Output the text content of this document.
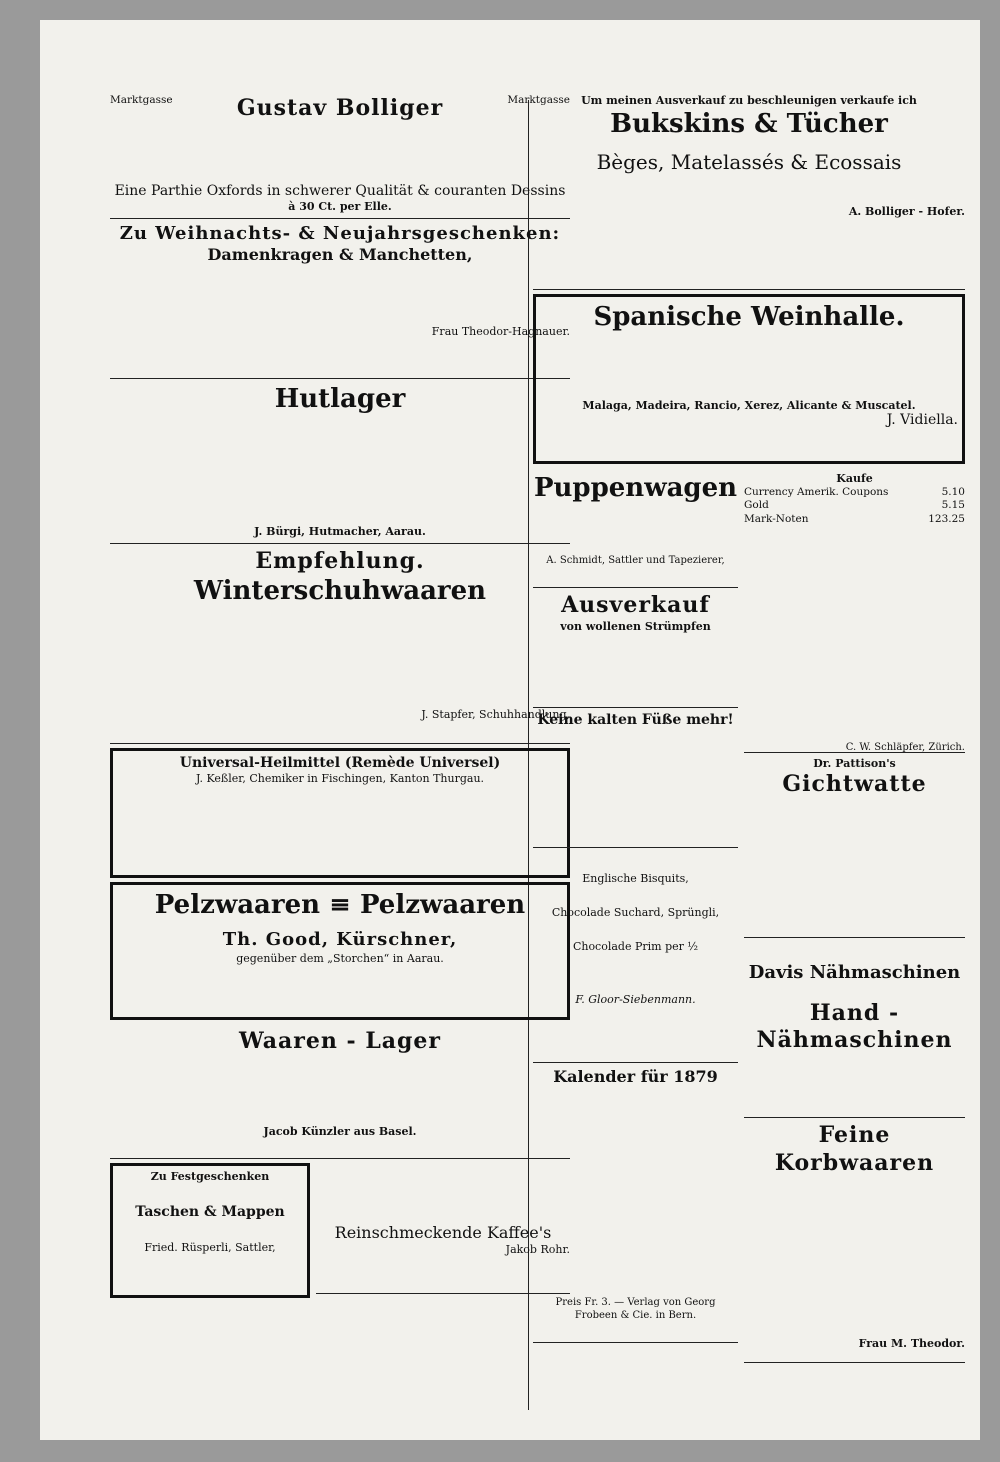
Marktgasse	Gustav Bolliger	Marktgasse
Eine Parthie Oxfords in schwerer Qualität & couranten Dessins
à 30 Ct. per Elle.
Zu Weihnachts- & Neujahrsgeschenken:
Damenkragen & Manchetten,
Frau Theodor-Hagnauer.
Hutlager
J. Bürgi, Hutmacher, Aarau.
Empfehlung.
Winterschuhwaaren
J. Stapfer, Schuhhandlung,
Universal-Heilmittel (Remède Universel)
J. Keßler, Chemiker in Fischingen, Kanton Thurgau.
Pelzwaaren ≡ Pelzwaaren
Th. Good, Kürschner,
gegenüber dem „Storchen“ in Aarau.
Waaren - Lager
Jacob Künzler aus Basel.
Zu Festgeschenken
Taschen & Mappen
Fried. Rüsperli, Sattler,
Reinschmeckende Kaffee's
Jakob Rohr.
Um meinen Ausverkauf zu beschleunigen verkaufe ich
Bukskins & Tücher
Bèges, Matelassés & Ecossais
A. Bolliger - Hofer.
Spanische Weinhalle.
Malaga, Madeira, Rancio, Xerez, Alicante & Muscatel.
J. Vidiella.
Puppenwagen
A. Schmidt, Sattler und Tapezierer,
Ausverkauf
von wollenen Strümpfen
Keine kalten Füße mehr!
Englische Bisquits,
Chocolade Suchard, Sprüngli,
Chocolade Prim per ½
F. Gloor-Siebenmann.
Kalender für 1879
Preis Fr. 3. — Verlag von Georg Frobeen & Cie. in Bern.
Kaufe
Currency Amerik. Coupons	5.10
Gold	5.15
Mark-Noten	123.25
C. W. Schläpfer, Zürich.
Dr. Pattison's
Gichtwatte
Davis Nähmaschinen
Hand - Nähmaschinen
Feine Korbwaaren
Frau M. Theodor.
